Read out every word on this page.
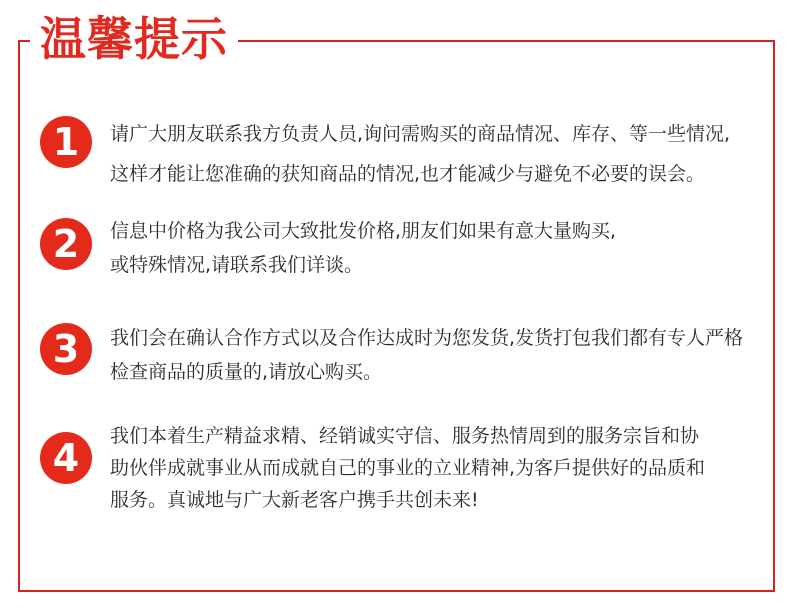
温馨提示
1	请广大朋友联系我方负责人员,询问需购买的商品情况、库存、等一些情况,
这样才能让您准确的获知商品的情况,也才能减少与避免不必要的误会。
2	信息中价格为我公司大致批发价格,朋友们如果有意大量购买,
或特殊情况,请联系我们详谈。
3	我们会在确认合作方式以及合作达成时为您发货,发货打包我们都有专人严格
检查商品的质量的,请放心购买。
4	我们本着生产精益求精、经销诚实守信、服务热情周到的服务宗旨和协
助伙伴成就事业从而成就自己的事业的立业精神,为客戶提供好的品质和
服务。真诚地与广大新老客户携手共创未来!
